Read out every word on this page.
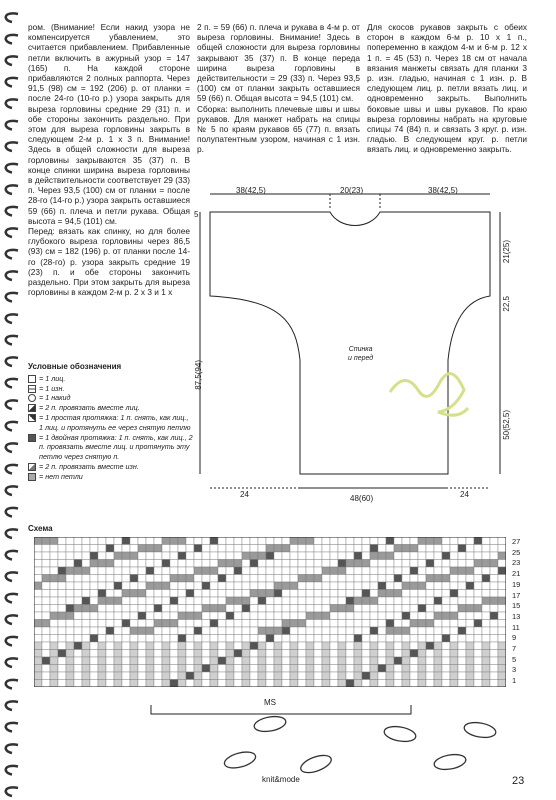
ром. (Внимание! Если накид узора не компенсируется убавлением, это считается прибавлением. Прибавленные петли включить в ажурный узор = 147 (165) п. На каждой стороне прибавляются 2 полных раппорта. Через 91,5 (98) см = 192 (206) р. от планки = после 24-го (10-го р.) узора закрыть для выреза горловины средние 29 (31) п. и обе стороны закончить раздельно. При этом для выреза горловины закрыть в следующем 2-м р. 1 х 3 п. Внимание! Здесь в общей сложности для выреза горловины закрываются 35 (37) п. В конце спинки ширина выреза горловины в действительности соответствует 29 (33) п. Через 93,5 (100) см от планки = после 28-го (14-го р.) узора закрыть оставшиеся 59 (66) п. плеча и петли рукава. Общая высота = 94,5 (101) см.

Перед: вязать как спинку, но для более глубокого выреза горловины через 86,5 (93) см = 182 (196) р. от планки после 14-го (28-го) р. узора закрыть средние 19 (23) п. и обе стороны закончить раздельно. При этом закрыть для выреза горловины в каждом 2-м р. 2 х 3 и 1 х

2 п. = 59 (66) п. плеча и рукава в 4-м р. от выреза горловины. Внимание! Здесь в общей сложности для выреза горловины закрывают 35 (37) п. В конце переда ширина выреза горловины в действительности = 29 (33) п. Через 93,5 (100) см от планки закрыть оставшиеся 59 (66) п. Общая высота = 94,5 (101) см.

Сборка: выполнить плечевые швы и швы рукавов. Для манжет набрать на спицы № 5 по краям рукавов 65 (77) п. вязать полупатентным узором, начиная с 1 изн. р.

Для скосов рукавов закрыть с обеих сторон в каждом 6-м р. 10 х 1 п., попеременно в каждом 4-м и 6-м р. 12 х 1 п. = 45 (53) п. Через 18 см от начала вязания манжеты связать для планки 3 р. изн. гладью, начиная с 1 изн. р. В следующем лиц. р. петли вязать лиц. и одновременно закрыть. Выполнить боковые швы и швы рукавов. По краю выреза горловины набрать на круговые спицы 74 (84) п. и связать 3 круг. р. изн. гладью. В следующем круг. р. петли вязать лиц. и одновременно закрыть.

38(42,5)	20(23)	38(42,5)
21(25)
22,5
50(52,5)
5
87,5(94)
24	24
48(60)
Спинка
и перед
Условные обозначения
= 1 лиц.
= 1 изн.
= 1 накид
= 2 п. провязать вместе лиц.
= 1 простая протяжка: 1 п. снять, как лиц., 1 лиц. и протянуть ее через снятую петлю
= 1 двойная протяжка: 1 п. снять, как лиц., 2 п. провязать вместе лиц. и протянуть эту петлю через снятую п.
= 2 п. провязать вместе изн.
= нет петли
Схема
27
25
23
21
19
17
15
13
11
9
7
5
3
1
MS
knit&mode	23
